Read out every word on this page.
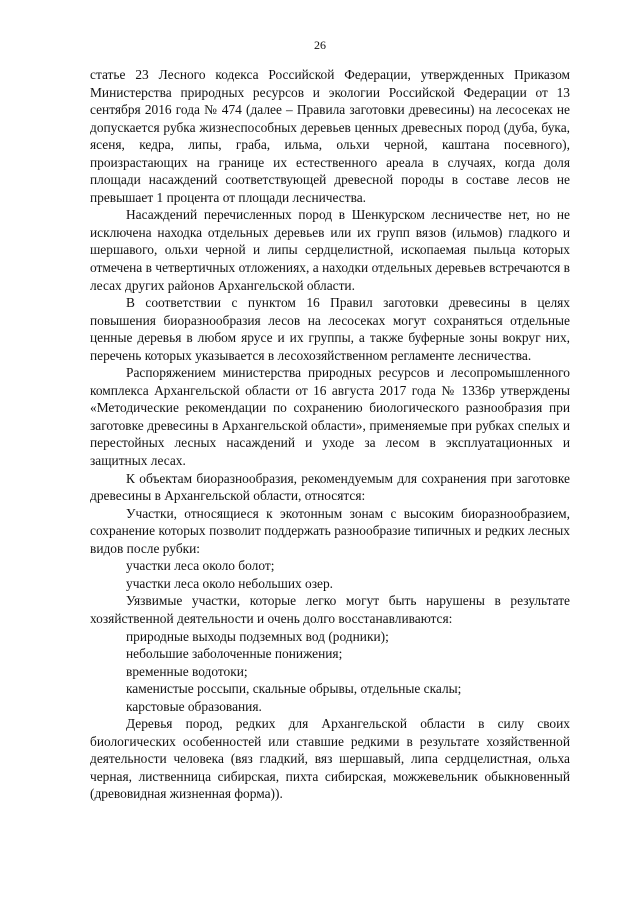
26

статье 23 Лесного кодекса Российской Федерации, утвержденных Приказом Министерства природных ресурсов и экологии Российской Федерации от 13 сентября 2016 года № 474 (далее – Правила заготовки древесины) на лесосеках не допускается рубка жизнеспособных деревьев ценных древесных пород (дуба, бука, ясеня, кедра, липы, граба, ильма, ольхи черной, каштана посевного), произрастающих на границе их естественного ареала в случаях, когда доля площади насаждений соответствующей древесной породы в составе лесов не превышает 1 процента от площади лесничества.

Насаждений перечисленных пород в Шенкурском лесничестве нет, но не исключена находка отдельных деревьев или их групп вязов (ильмов) гладкого и шершавого, ольхи черной и липы сердцелистной, ископаемая пыльца которых отмечена в четвертичных отложениях, а находки отдельных деревьев встречаются в лесах других районов Архангельской области.

В соответствии с пунктом 16 Правил заготовки древесины в целях повышения биоразнообразия лесов на лесосеках могут сохраняться отдельные ценные деревья в любом ярусе и их группы, а также буферные зоны вокруг них, перечень которых указывается в лесохозяйственном регламенте лесничества.

Распоряжением министерства природных ресурсов и лесопромышленного комплекса Архангельской области от 16 августа 2017 года № 1336р утверждены «Методические рекомендации по сохранению биологического разнообразия при заготовке древесины в Архангельской области», применяемые при рубках спелых и перестойных лесных насаждений и уходе за лесом в эксплуатационных и защитных лесах.

К объектам биоразнообразия, рекомендуемым для сохранения при заготовке древесины в Архангельской области, относятся:

Участки, относящиеся к экотонным зонам с высоким биоразнообразием, сохранение которых позволит поддержать разнообразие типичных и редких лесных видов после рубки:

участки леса около болот;

участки леса около небольших озер.

Уязвимые участки, которые легко могут быть нарушены в результате хозяйственной деятельности и очень долго восстанавливаются:

природные выходы подземных вод (родники);

небольшие заболоченные понижения;

временные водотоки;

каменистые россыпи, скальные обрывы, отдельные скалы;

карстовые образования.

Деревья пород, редких для Архангельской области в силу своих биологических особенностей или ставшие редкими в результате хозяйственной деятельности человека (вяз гладкий, вяз шершавый, липа сердцелистная, ольха черная, лиственница сибирская, пихта сибирская, можжевельник обыкновенный (древовидная жизненная форма)).
